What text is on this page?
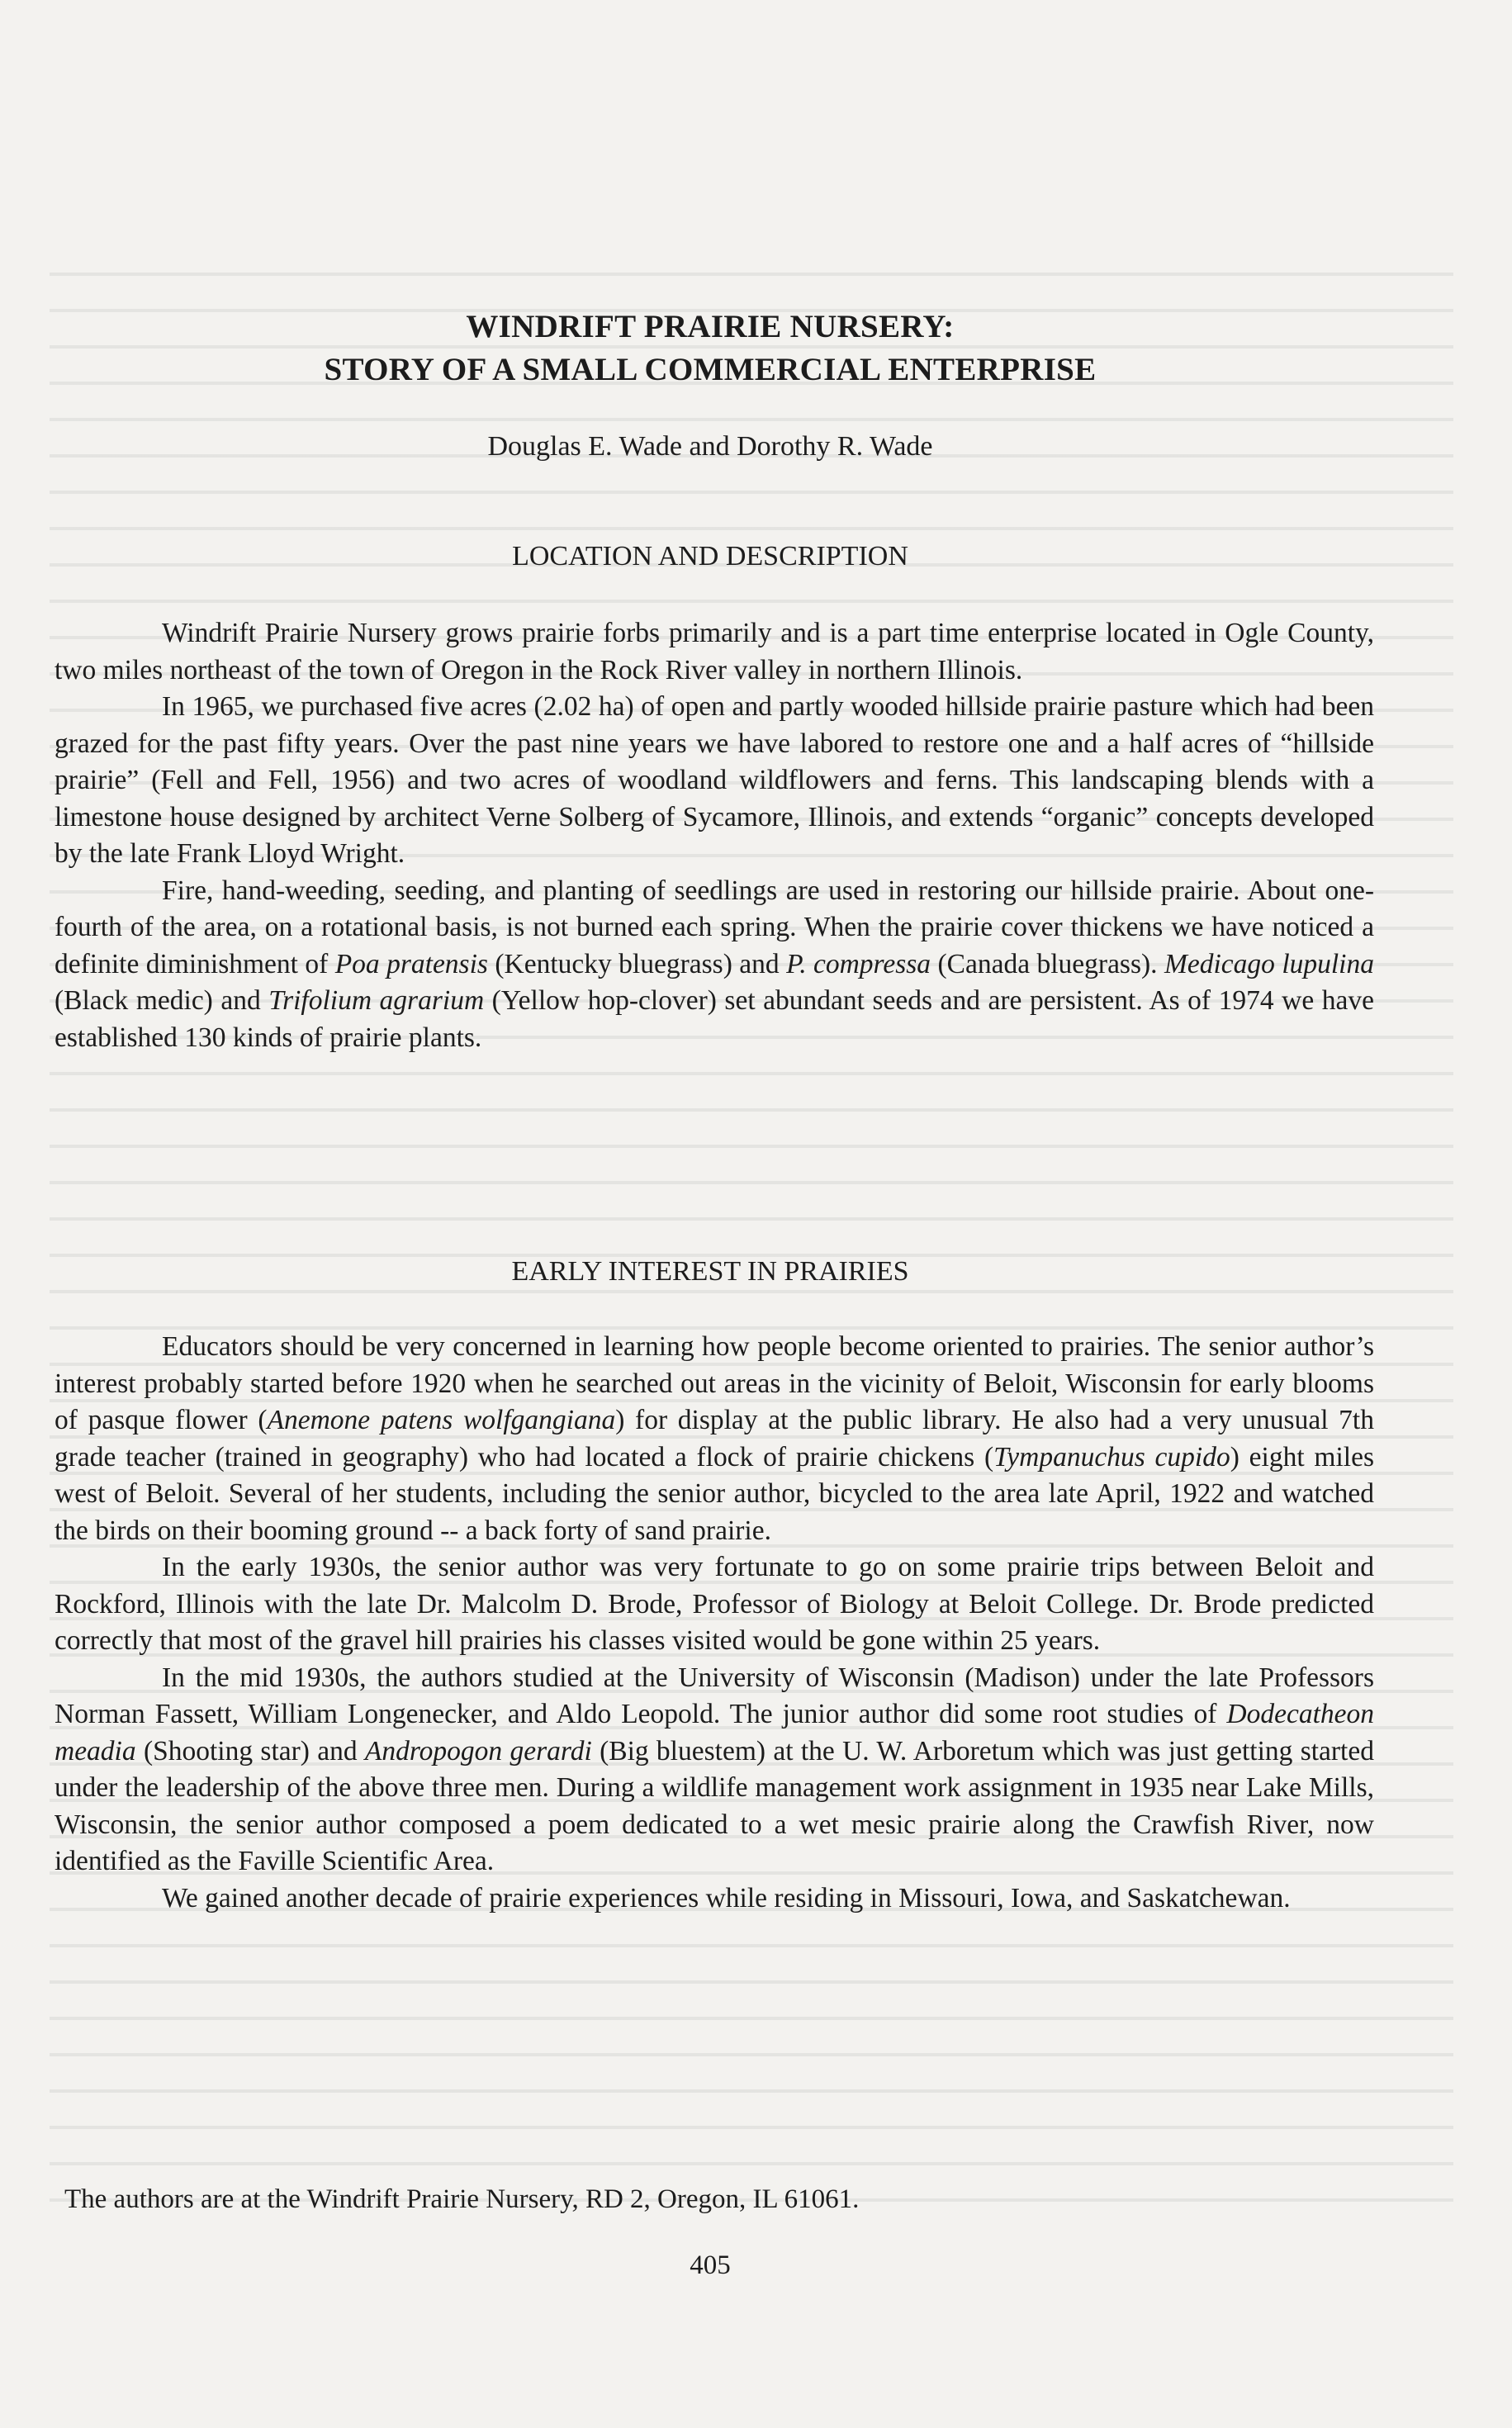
WINDRIFT PRAIRIE NURSERY:
STORY OF A SMALL COMMERCIAL ENTERPRISE
Douglas E. Wade and Dorothy R. Wade
LOCATION AND DESCRIPTION

Windrift Prairie Nursery grows prairie forbs primarily and is a part time enterprise located in Ogle County, two miles northeast of the town of Oregon in the Rock River valley in northern Illinois.

In 1965, we purchased five acres (2.02 ha) of open and partly wooded hillside prairie pasture which had been grazed for the past fifty years. Over the past nine years we have labored to restore one and a half acres of “hillside prairie” (Fell and Fell, 1956) and two acres of woodland wildflowers and ferns. This landscaping blends with a limestone house designed by architect Verne Solberg of Sycamore, Illinois, and extends “organic” concepts developed by the late Frank Lloyd Wright.

Fire, hand-weeding, seeding, and planting of seedlings are used in restoring our hillside prairie. About one-fourth of the area, on a rotational basis, is not burned each spring. When the prairie cover thickens we have noticed a definite diminishment of Poa pratensis (Kentucky bluegrass) and P. compressa (Canada bluegrass). Medicago lupulina (Black medic) and Trifolium agrarium (Yellow hop-clover) set abundant seeds and are persistent. As of 1974 we have established 130 kinds of prairie plants.

EARLY INTEREST IN PRAIRIES

Educators should be very concerned in learning how people become oriented to prairies. The senior author’s interest probably started before 1920 when he searched out areas in the vicinity of Beloit, Wisconsin for early blooms of pasque flower (Anemone patens wolfgangiana) for display at the public library. He also had a very unusual 7th grade teacher (trained in geography) who had located a flock of prairie chickens (Tympanuchus cupido) eight miles west of Beloit. Several of her students, including the senior author, bicycled to the area late April, 1922 and watched the birds on their booming ground -- a back forty of sand prairie.

In the early 1930s, the senior author was very fortunate to go on some prairie trips between Beloit and Rockford, Illinois with the late Dr. Malcolm D. Brode, Professor of Biology at Beloit College. Dr. Brode predicted correctly that most of the gravel hill prairies his classes visited would be gone within 25 years.

In the mid 1930s, the authors studied at the University of Wisconsin (Madison) under the late Professors Norman Fassett, William Longenecker, and Aldo Leopold. The junior author did some root studies of Dodecatheon meadia (Shooting star) and Andropogon gerardi (Big bluestem) at the U. W. Arboretum which was just getting started under the leadership of the above three men. During a wildlife management work assignment in 1935 near Lake Mills, Wisconsin, the senior author composed a poem dedicated to a wet mesic prairie along the Crawfish River, now identified as the Faville Scientific Area.

We gained another decade of prairie experiences while residing in Missouri, Iowa, and Saskatchewan.

The authors are at the Windrift Prairie Nursery, RD 2, Oregon, IL 61061.
405
